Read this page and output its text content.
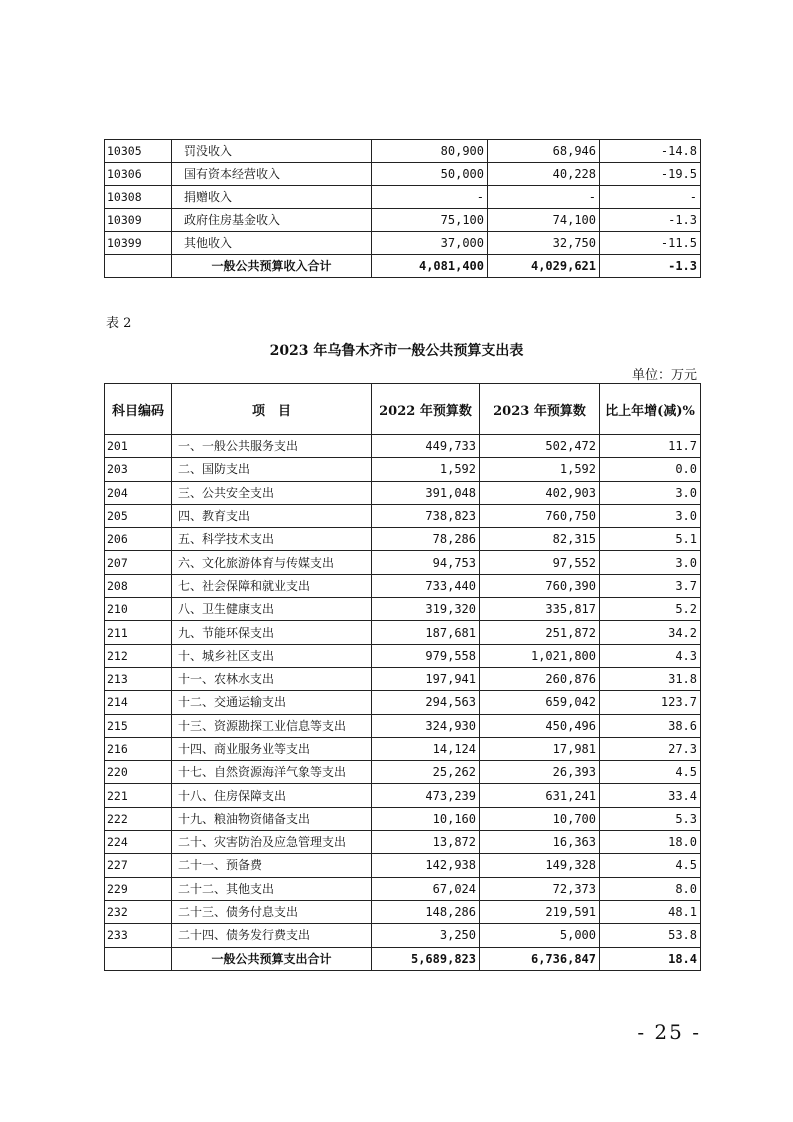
10305	罚没收入	80,900	68,946	-14.8
10306	国有资本经营收入	50,000	40,228	-19.5
10308	捐赠收入	-	-	-
10309	政府住房基金收入	75,100	74,100	-1.3
10399	其他收入	37,000	32,750	-11.5
	一般公共预算收入合计	4,081,400	4,029,621	-1.3
表 2
2023 年乌鲁木齐市一般公共预算支出表
单位：万元
科目编码	项　目	2022 年预算数	2023 年预算数	比上年增(减)%
201	一、一般公共服务支出	449,733	502,472	11.7
203	二、国防支出	1,592	1,592	0.0
204	三、公共安全支出	391,048	402,903	3.0
205	四、教育支出	738,823	760,750	3.0
206	五、科学技术支出	78,286	82,315	5.1
207	六、文化旅游体育与传媒支出	94,753	97,552	3.0
208	七、社会保障和就业支出	733,440	760,390	3.7
210	八、卫生健康支出	319,320	335,817	5.2
211	九、节能环保支出	187,681	251,872	34.2
212	十、城乡社区支出	979,558	1,021,800	4.3
213	十一、农林水支出	197,941	260,876	31.8
214	十二、交通运输支出	294,563	659,042	123.7
215	十三、资源勘探工业信息等支出	324,930	450,496	38.6
216	十四、商业服务业等支出	14,124	17,981	27.3
220	十七、自然资源海洋气象等支出	25,262	26,393	4.5
221	十八、住房保障支出	473,239	631,241	33.4
222	十九、粮油物资储备支出	10,160	10,700	5.3
224	二十、灾害防治及应急管理支出	13,872	16,363	18.0
227	二十一、预备费	142,938	149,328	4.5
229	二十二、其他支出	67,024	72,373	8.0
232	二十三、债务付息支出	148,286	219,591	48.1
233	二十四、债务发行费支出	3,250	5,000	53.8
	一般公共预算支出合计	5,689,823	6,736,847	18.4
- 25 -
